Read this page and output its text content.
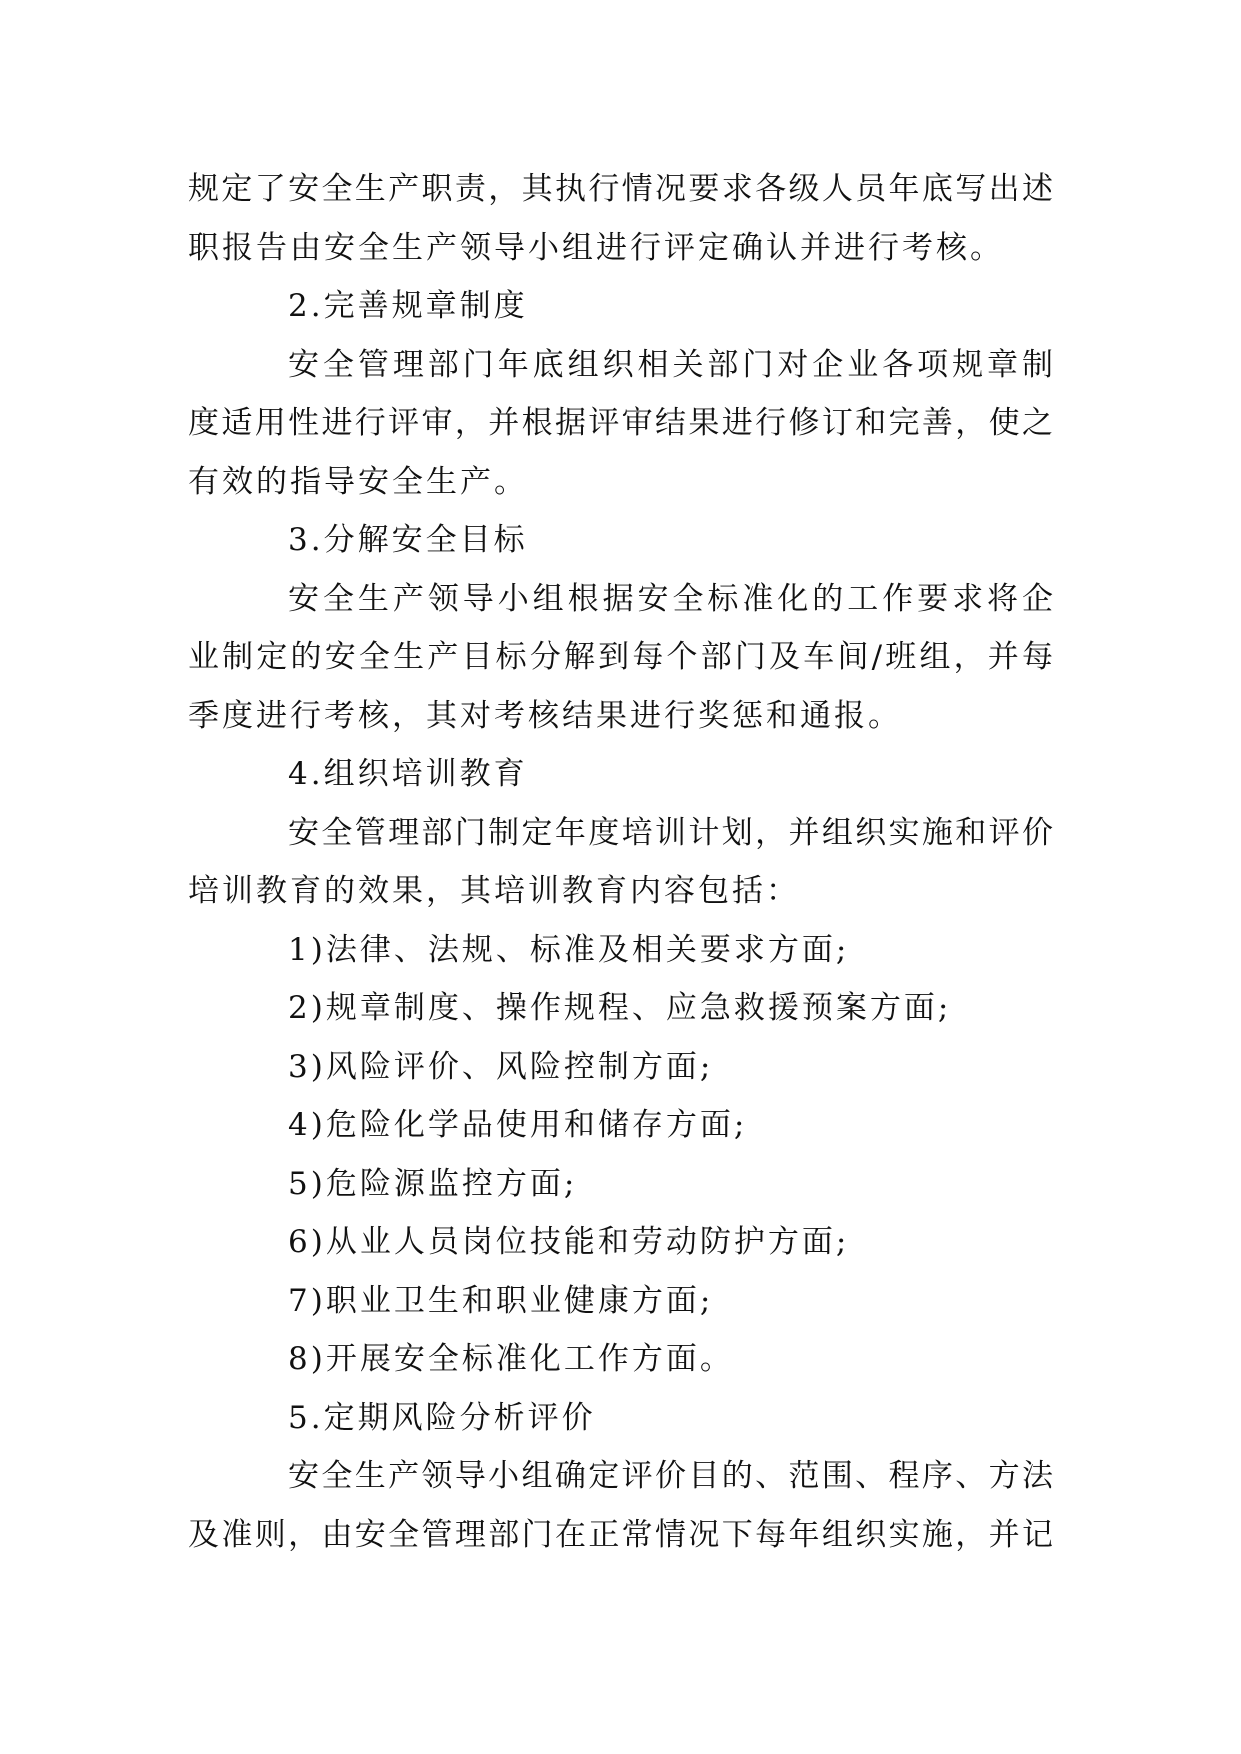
规定了安全生产职责，其执行情况要求各级人员年底写出述
职报告由安全生产领导小组进行评定确认并进行考核。
2.完善规章制度
安全管理部门年底组织相关部门对企业各项规章制
度适用性进行评审，并根据评审结果进行修订和完善，使之
有效的指导安全生产。
3.分解安全目标
安全生产领导小组根据安全标准化的工作要求将企
业制定的安全生产目标分解到每个部门及车间/班组，并每
季度进行考核，其对考核结果进行奖惩和通报。
4.组织培训教育
安全管理部门制定年度培训计划，并组织实施和评价
培训教育的效果，其培训教育内容包括：
1)法律、法规、标准及相关要求方面;
2)规章制度、操作规程、应急救援预案方面;
3)风险评价、风险控制方面;
4)危险化学品使用和储存方面;
5)危险源监控方面;
6)从业人员岗位技能和劳动防护方面;
7)职业卫生和职业健康方面;
8)开展安全标准化工作方面。
5.定期风险分析评价
安全生产领导小组确定评价目的、范围、程序、方法
及准则，由安全管理部门在正常情况下每年组织实施，并记
